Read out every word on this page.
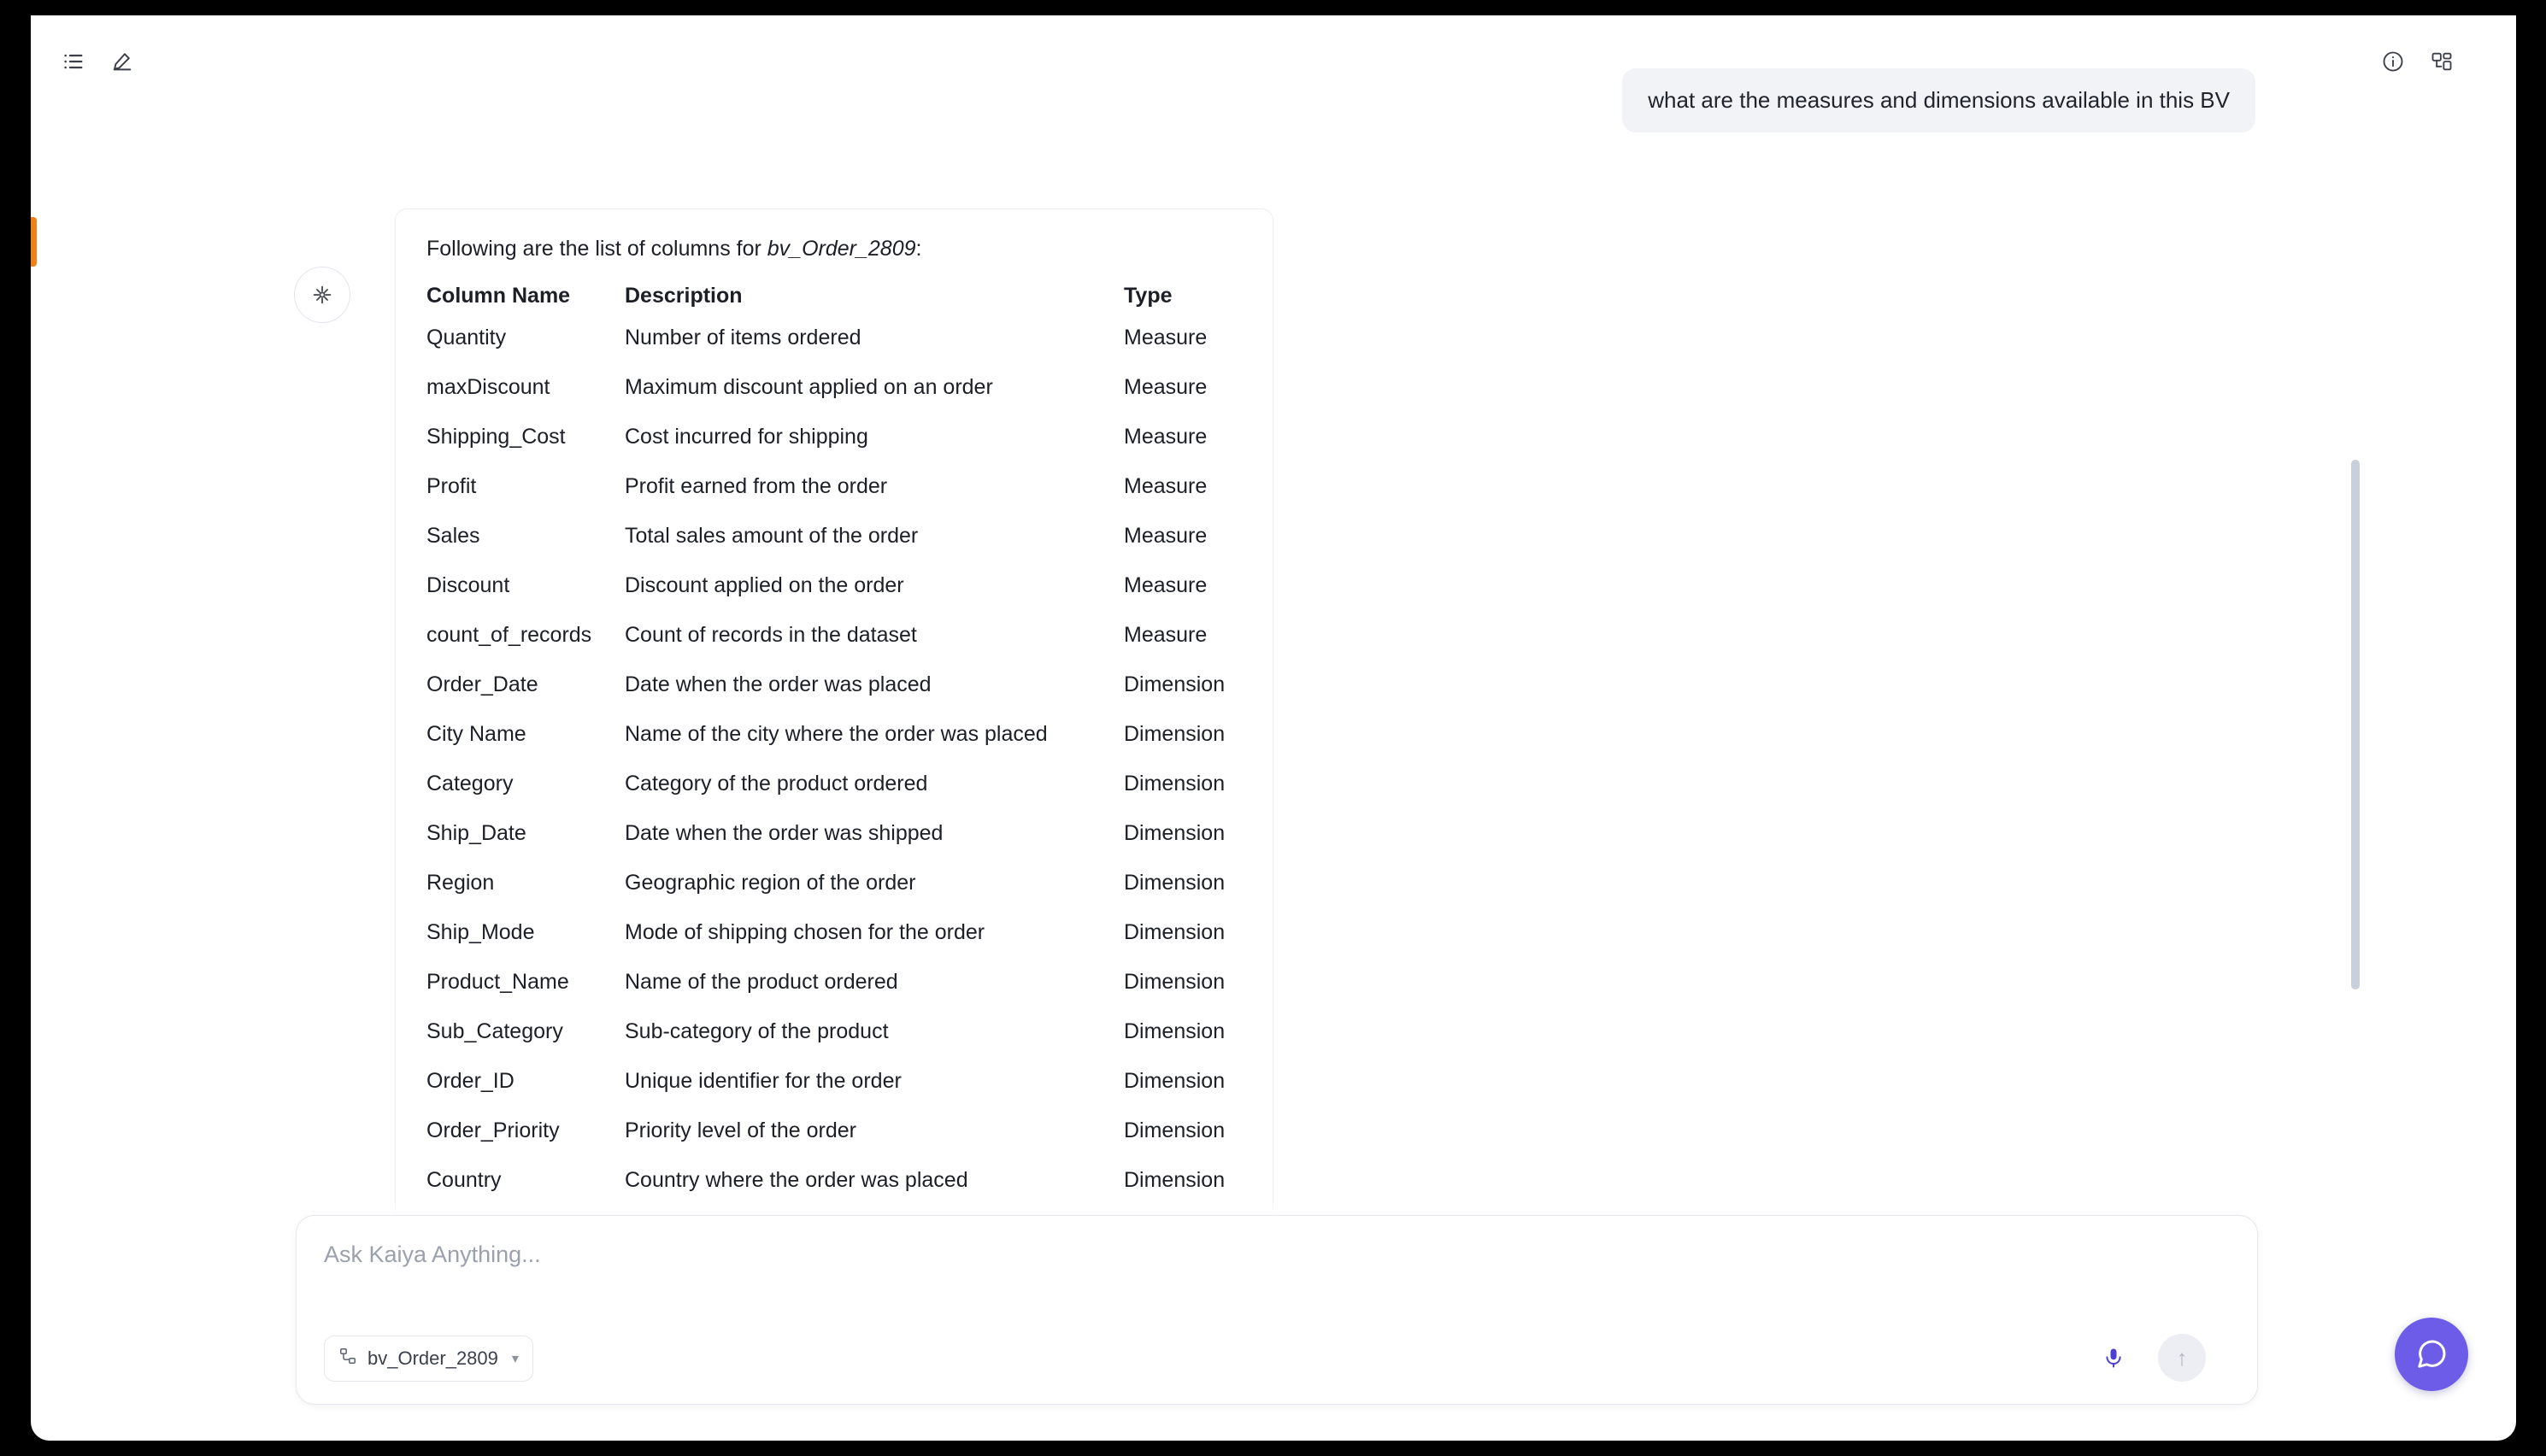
what are the measures and dimensions available in this BV
Following are the list of columns for bv_Order_2809:
Column Name	Description	Type
Quantity	Number of items ordered	Measure
maxDiscount	Maximum discount applied on an order	Measure
Shipping_Cost	Cost incurred for shipping	Measure
Profit	Profit earned from the order	Measure
Sales	Total sales amount of the order	Measure
Discount	Discount applied on the order	Measure
count_of_records	Count of records in the dataset	Measure
Order_Date	Date when the order was placed	Dimension
City Name	Name of the city where the order was placed	Dimension
Category	Category of the product ordered	Dimension
Ship_Date	Date when the order was shipped	Dimension
Region	Geographic region of the order	Dimension
Ship_Mode	Mode of shipping chosen for the order	Dimension
Product_Name	Name of the product ordered	Dimension
Sub_Category	Sub-category of the product	Dimension
Order_ID	Unique identifier for the order	Dimension
Order_Priority	Priority level of the order	Dimension
Country	Country where the order was placed	Dimension

Ask Kaiya Anything...
bv_Order_2809 ▾	↑
